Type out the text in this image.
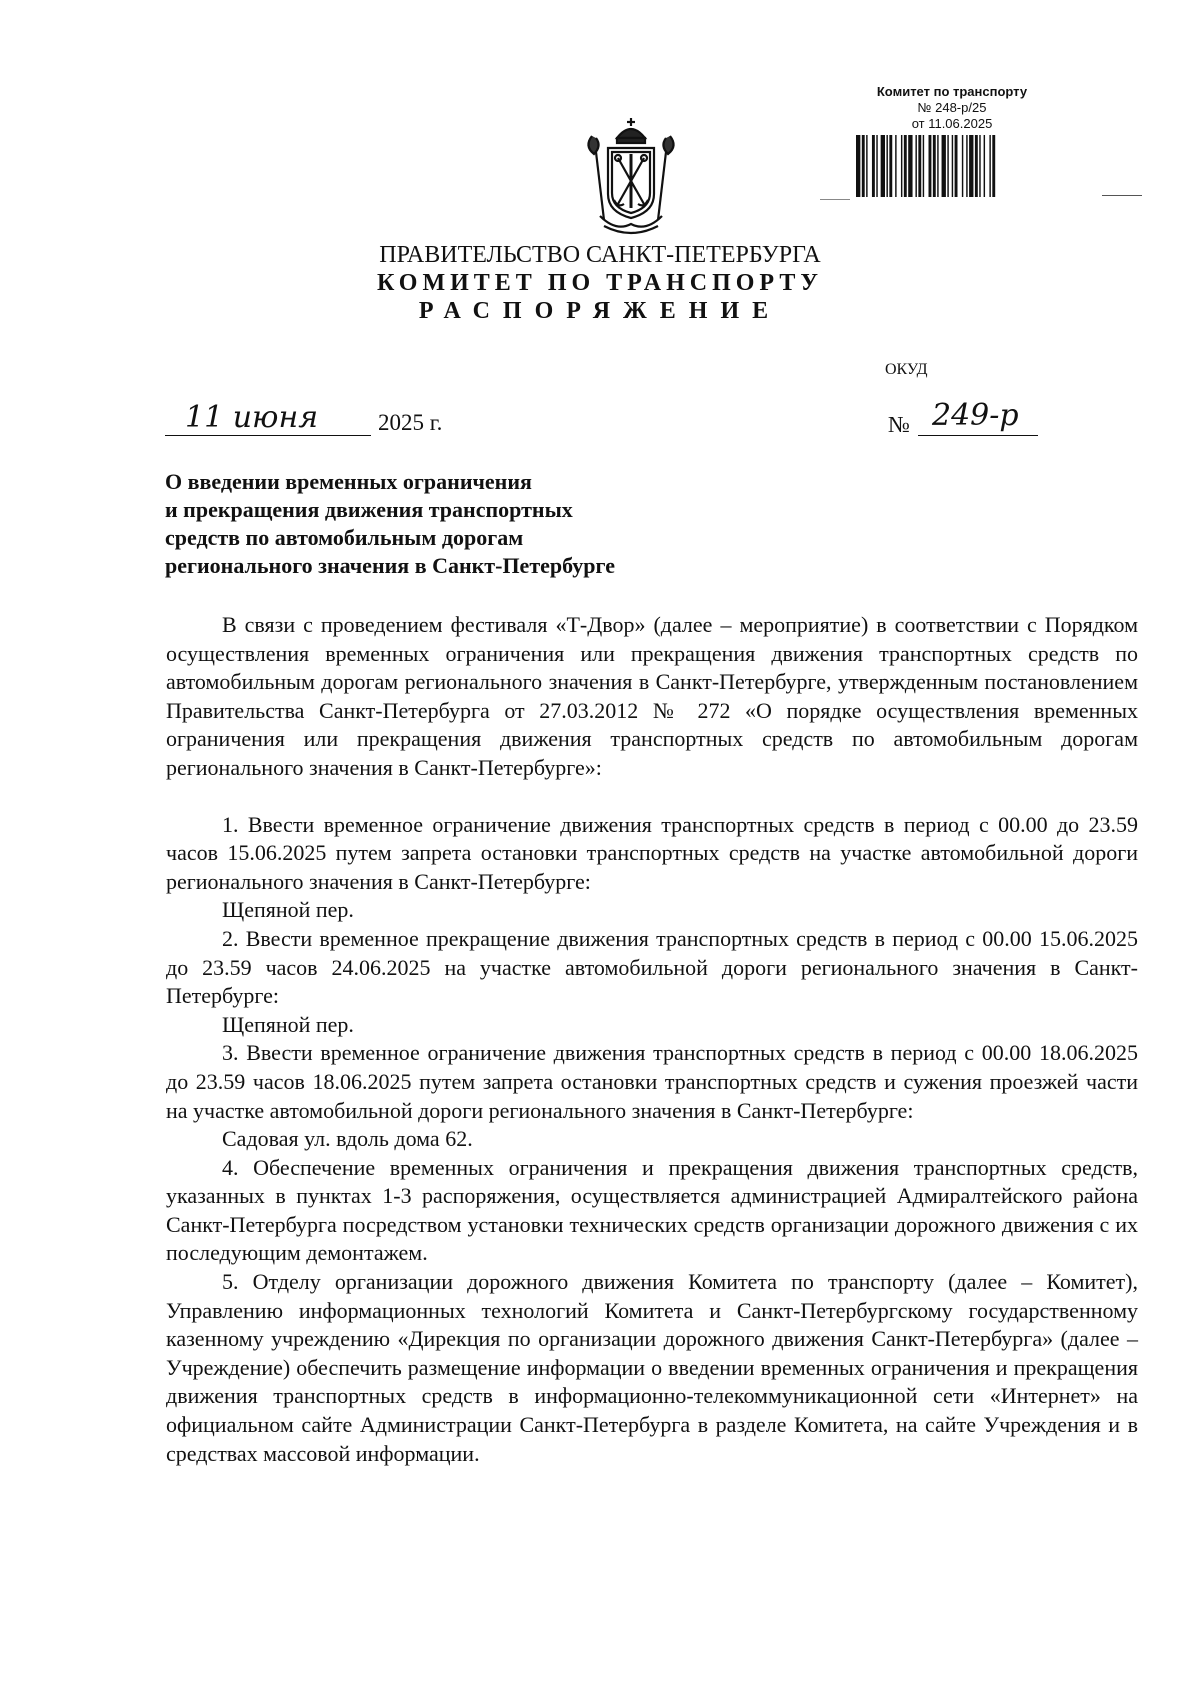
Комитет по транспорту
№ 248-р/25
от 11.06.2025
ПРАВИТЕЛЬСТВО САНКТ-ПЕТЕРБУРГА
КОМИТЕТ ПО ТРАНСПОРТУ
РАСПОРЯЖЕНИЕ
ОКУД
11 июня	2025 г.	№ 249-р
О введении временных ограничения
и прекращения движения транспортных
средств по автомобильным дорогам
регионального значения в Санкт-Петербурге

В связи с проведением фестиваля «Т-Двор» (далее – мероприятие) в соответствии с Порядком осуществления временных ограничения или прекращения движения транспортных средств по автомобильным дорогам регионального значения в Санкт-Петербурге, утвержденным постановлением Правительства Санкт-Петербурга от 27.03.2012 № 272 «О порядке осуществления временных ограничения или прекращения движения транспортных средств по автомобильным дорогам регионального значения в Санкт-Петербурге»:

1. Ввести временное ограничение движения транспортных средств в период с 00.00 до 23.59 часов 15.06.2025 путем запрета остановки транспортных средств на участке автомобильной дороги регионального значения в Санкт-Петербурге:

Щепяной пер.

2. Ввести временное прекращение движения транспортных средств в период с 00.00 15.06.2025 до 23.59 часов 24.06.2025 на участке автомобильной дороги регионального значения в Санкт-Петербурге:

Щепяной пер.

3. Ввести временное ограничение движения транспортных средств в период с 00.00 18.06.2025 до 23.59 часов 18.06.2025 путем запрета остановки транспортных средств и сужения проезжей части на участке автомобильной дороги регионального значения в Санкт-Петербурге:

Садовая ул. вдоль дома 62.

4. Обеспечение временных ограничения и прекращения движения транспортных средств, указанных в пунктах 1-3 распоряжения, осуществляется администрацией Адмиралтейского района Санкт-Петербурга посредством установки технических средств организации дорожного движения с их последующим демонтажем.

5. Отделу организации дорожного движения Комитета по транспорту (далее – Комитет), Управлению информационных технологий Комитета и Санкт-Петербургскому государственному казенному учреждению «Дирекция по организации дорожного движения Санкт-Петербурга» (далее – Учреждение) обеспечить размещение информации о введении временных ограничения и прекращения движения транспортных средств в информационно-телекоммуникационной сети «Интернет» на официальном сайте Администрации Санкт-Петербурга в разделе Комитета, на сайте Учреждения и в средствах массовой информации.
